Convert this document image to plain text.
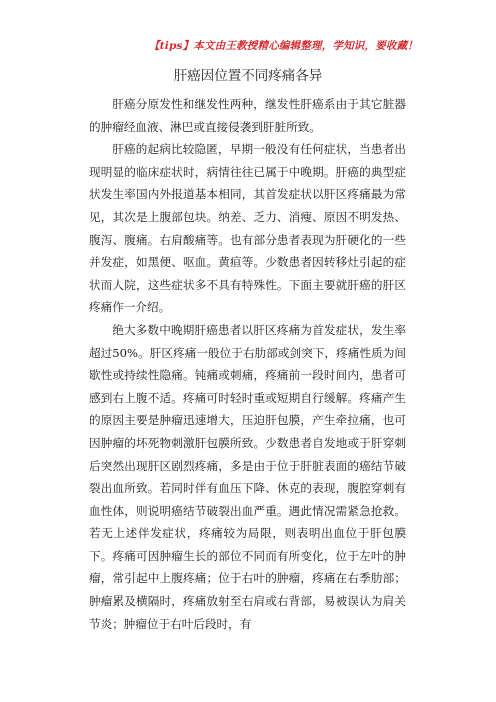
【tips】本文由王教授精心编辑整理，学知识，要收藏！
肝癌因位置不同疼痛各异

肝癌分原发性和继发性两种，继发性肝癌系由于其它脏器的肿瘤经血液、淋巴或直接侵袭到肝脏所致。

肝癌的起病比较隐匿，早期一般没有任何症状，当患者出现明显的临床症状时，病情往往已属于中晚期。肝癌的典型症状发生率国内外报道基本相同，其首发症状以肝区疼痛最为常见，其次是上腹部包块。纳差、乏力、消瘦、原因不明发热、腹泻、腹痛。右肩酸痛等。也有部分患者表现为肝硬化的一些并发症，如黑便、呕血。黄疸等。少数患者因转移灶引起的症状而人院，这些症状多不具有特殊性。下面主要就肝癌的肝区疼痛作一介绍。

绝大多数中晚期肝癌患者以肝区疼痛为首发症状，发生率超过50%。肝区疼痛一般位于右肋部或剑突下，疼痛性质为间歇性或持续性隐痛。钝痛或刺痛，疼痛前一段时间内，患者可感到右上腹不适。疼痛可时轻时重或短期自行缓解。疼痛产生的原因主要是肿瘤迅速增大，压迫肝包膜，产生牵拉痛，也可因肿瘤的坏死物刺激肝包膜所致。少数患者自发地或于肝穿刺后突然出现肝区剧烈疼痛，多是由于位于肝脏表面的癌结节破裂出血所致。若同时伴有血压下降、休克的表现，腹腔穿刺有血性体，则说明癌结节破裂出血严重。遇此情况需紧急抢救。若无上述伴发症状，疼痛较为局限，则表明出血位于肝包膜下。疼痛可因肿瘤生长的部位不同而有所变化，位于左叶的肿瘤，常引起中上腹疼痛；位于右叶的肿瘤，疼痛在右季肋部；肿瘤累及横隔时，疼痛放射至右肩或右背部，易被误认为肩关节炎；肿瘤位于右叶后段时，有
